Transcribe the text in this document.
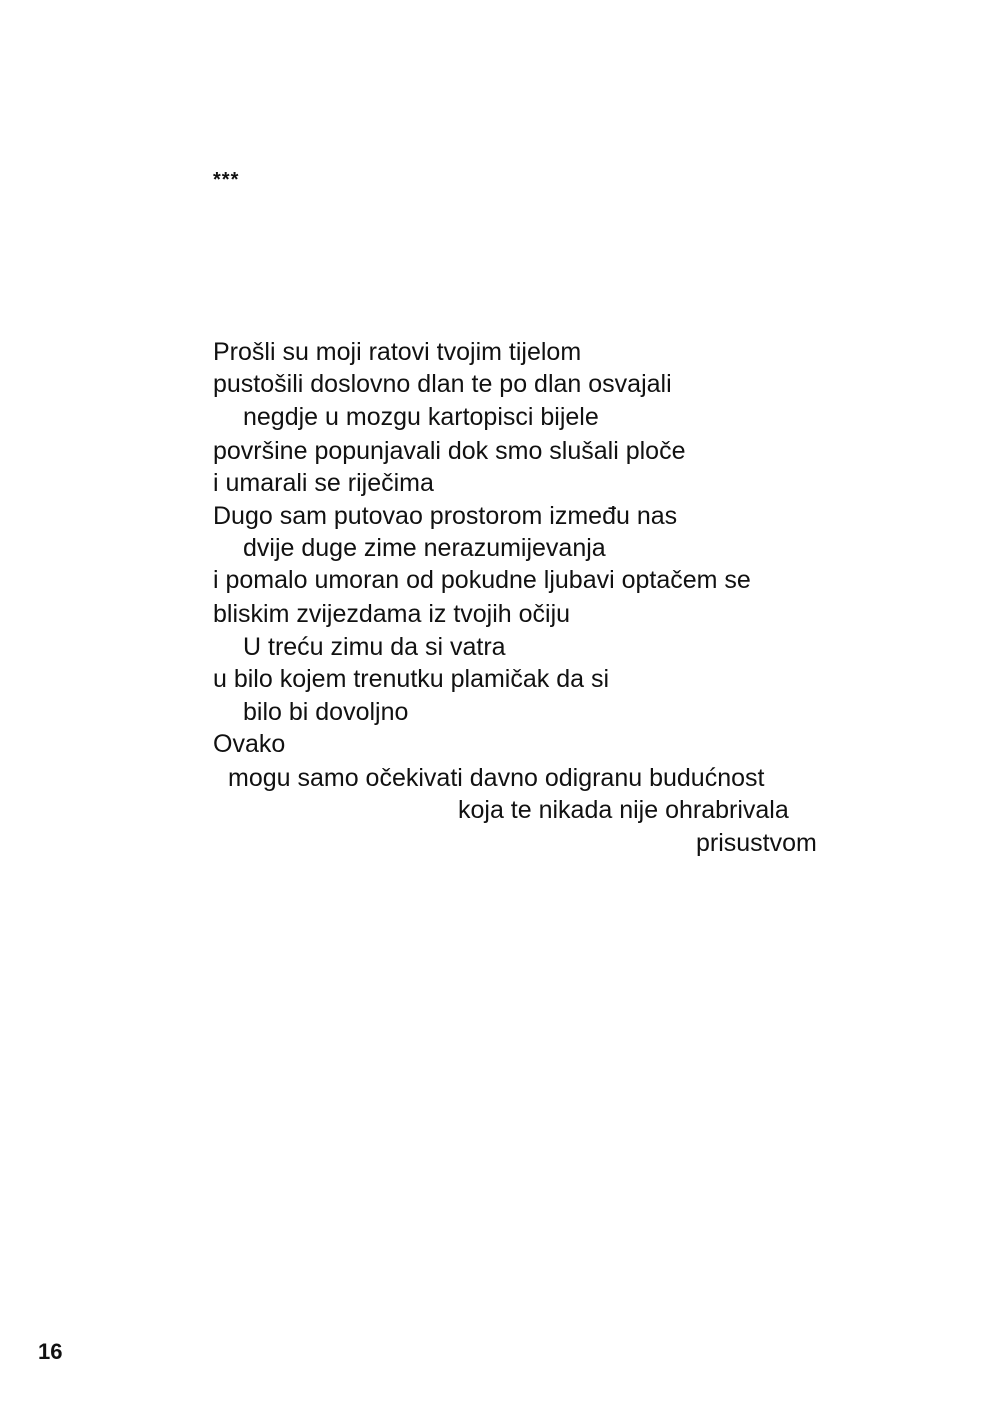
***
Prošli su moji ratovi tvojim tijelom
pustošili doslovno dlan te po dlan osvajali
negdje u mozgu kartopisci bijele
površine popunjavali dok smo slušali ploče
i umarali se riječima
Dugo sam putovao prostorom između nas
dvije duge zime nerazumijevanja
i pomalo umoran od pokudne ljubavi optačem se
bliskim zvijezdama iz tvojih očiju
U treću zimu da si vatra
u bilo kojem trenutku plamičak da si
bilo bi dovoljno
Ovako
mogu samo očekivati davno odigranu budućnost
koja te nikada nije ohrabrivala
prisustvom
16
